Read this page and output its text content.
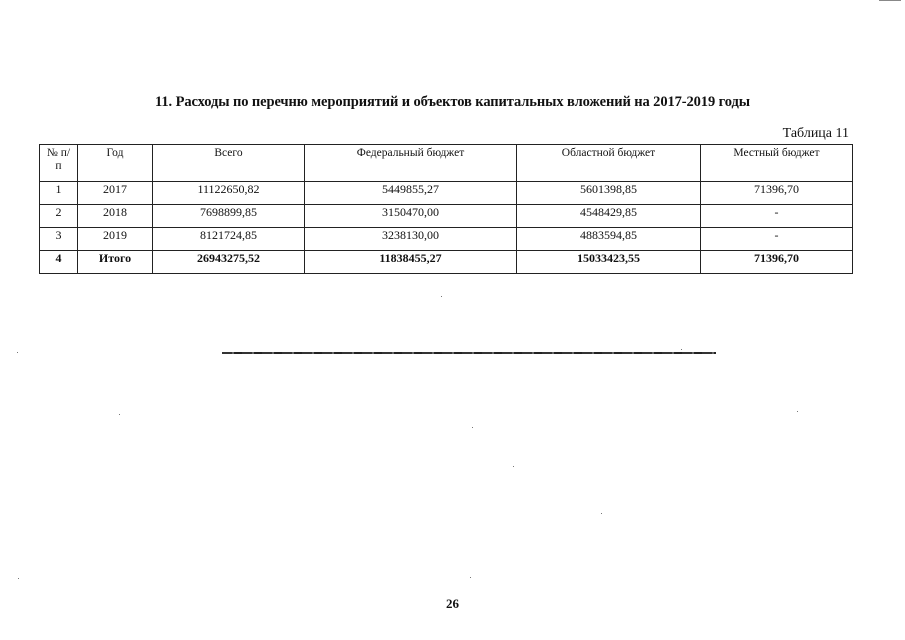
11. Расходы по перечню мероприятий и объектов капитальных вложений на 2017-2019 годы
Таблица 11
№ п/п	Год	Всего	Федеральный бюджет	Областной бюджет	Местный бюджет
1	2017	11122650,82	5449855,27	5601398,85	71396,70
2	2018	7698899,85	3150470,00	4548429,85	-
3	2019	8121724,85	3238130,00	4883594,85	-
4	Итого	26943275,52	11838455,27	15033423,55	71396,70
26
